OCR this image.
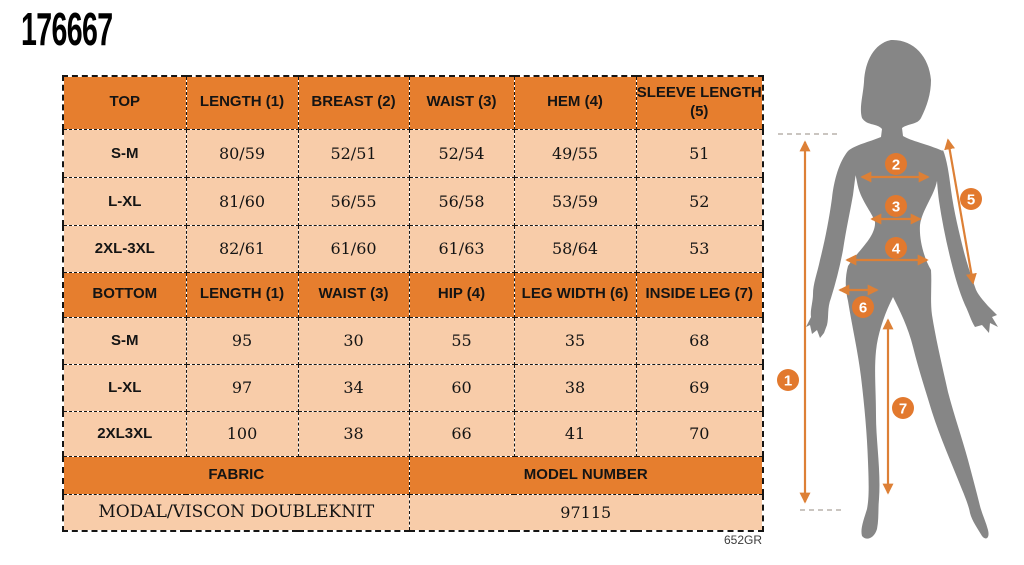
176667
TOP	LENGTH (1)	BREAST (2)	WAIST (3)	HEM (4)	SLEEVE LENGTH (5)
S-M	80/59	52/51	52/54	49/55	51
L-XL	81/60	56/55	56/58	53/59	52
2XL-3XL	82/61	61/60	61/63	58/64	53
BOTTOM	LENGTH (1)	WAIST (3)	HIP (4)	LEG WIDTH (6)	INSIDE LEG (7)
S-M	95	30	55	35	68
L-XL	97	34	60	38	69
2XL3XL	100	38	66	41	70
FABRIC			MODEL NUMBER		
MODAL/VISCON DOUBLEKNIT			97115		
652GR
1
2
3
4
5
6
7
